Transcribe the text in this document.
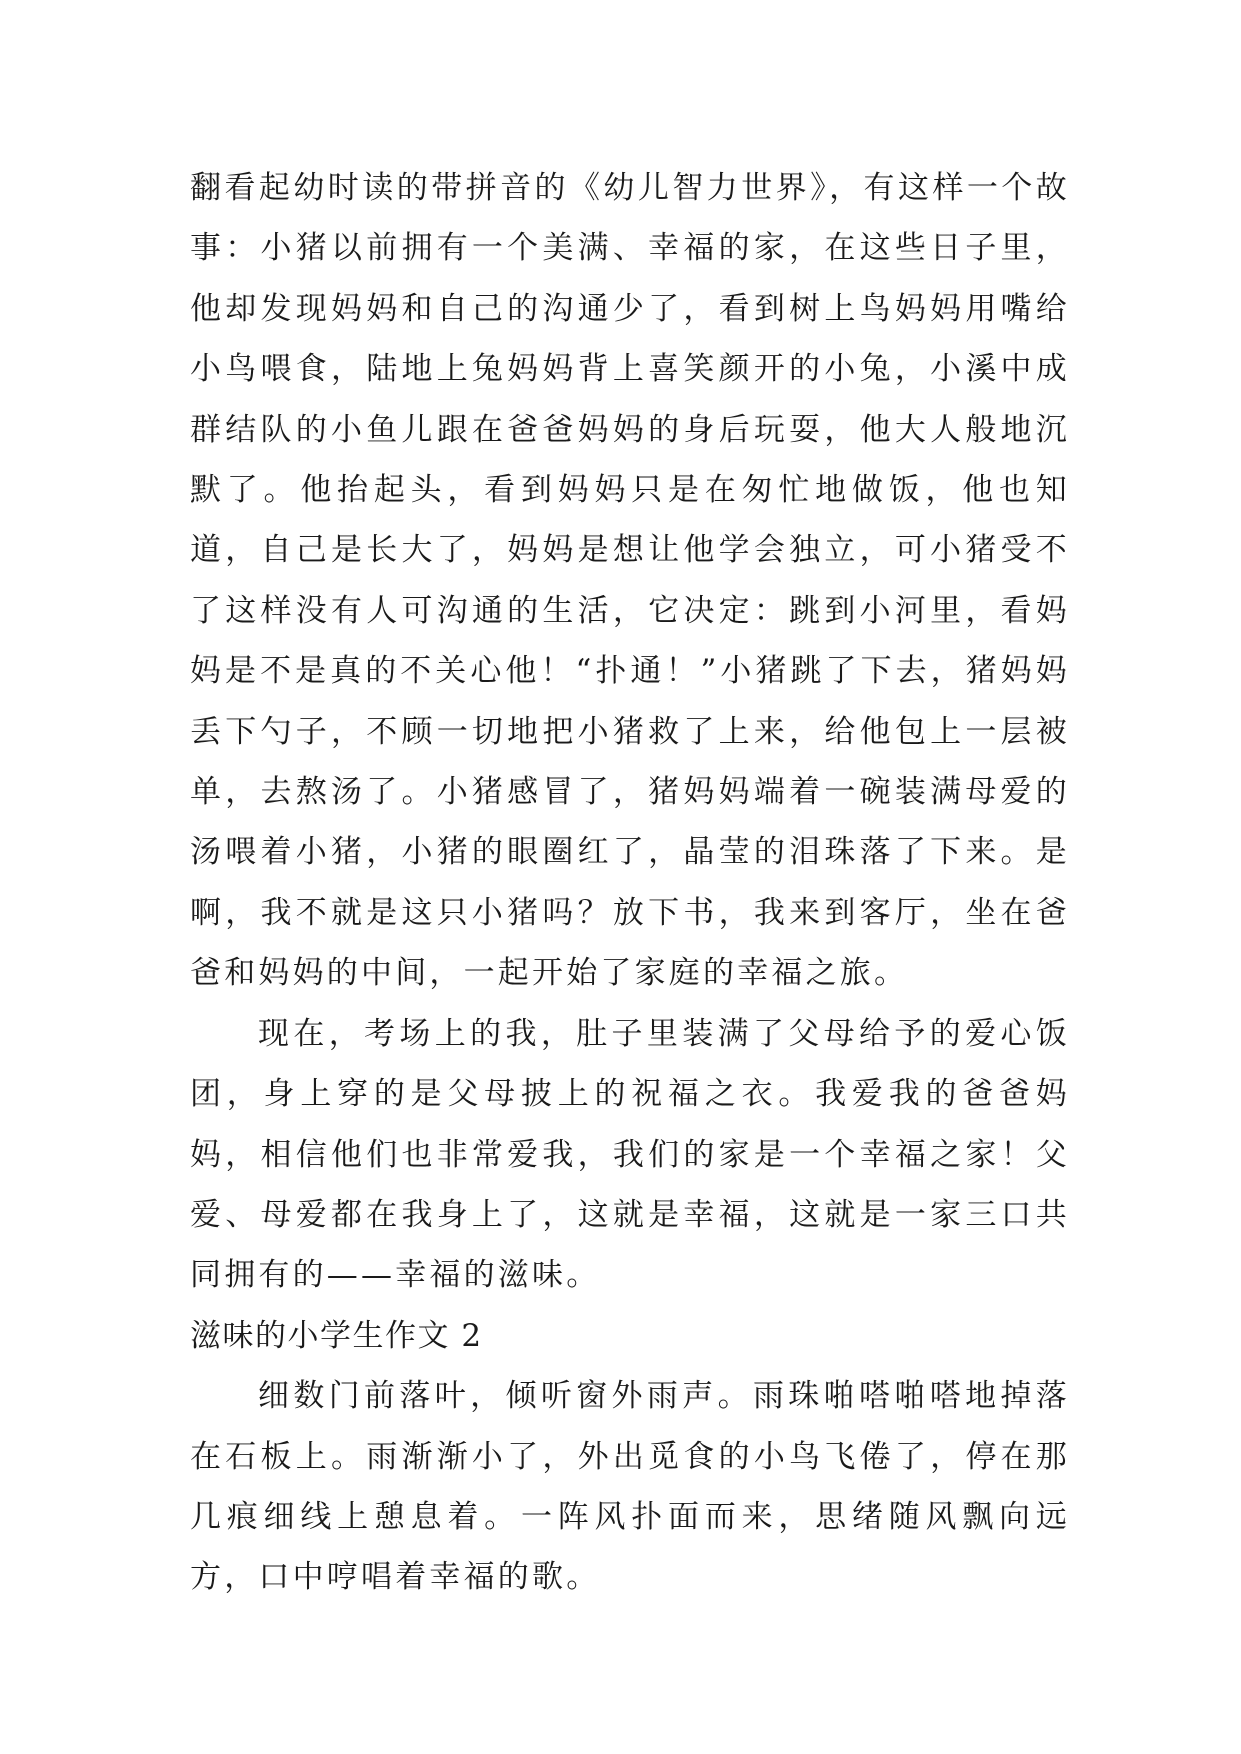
翻看起幼时读的带拼音的《幼儿智力世界》，有这样一个故事：小猪以前拥有一个美满、幸福的家，在这些日子里，他却发现妈妈和自己的沟通少了，看到树上鸟妈妈用嘴给小鸟喂食，陆地上兔妈妈背上喜笑颜开的小兔，小溪中成群结队的小鱼儿跟在爸爸妈妈的身后玩耍，他大人般地沉默了。他抬起头，看到妈妈只是在匆忙地做饭，他也知道，自己是长大了，妈妈是想让他学会独立，可小猪受不了这样没有人可沟通的生活，它决定：跳到小河里，看妈妈是不是真的不关心他！“扑通！”小猪跳了下去，猪妈妈丢下勺子，不顾一切地把小猪救了上来，给他包上一层被单，去熬汤了。小猪感冒了，猪妈妈端着一碗装满母爱的汤喂着小猪，小猪的眼圈红了，晶莹的泪珠落了下来。是啊，我不就是这只小猪吗？放下书，我来到客厅，坐在爸爸和妈妈的中间，一起开始了家庭的幸福之旅。

现在，考场上的我，肚子里装满了父母给予的爱心饭团，身上穿的是父母披上的祝福之衣。我爱我的爸爸妈妈，相信他们也非常爱我，我们的家是一个幸福之家！父爱、母爱都在我身上了，这就是幸福，这就是一家三口共同拥有的——幸福的滋味。

滋味的小学生作文 2

细数门前落叶，倾听窗外雨声。雨珠啪嗒啪嗒地掉落在石板上。雨渐渐小了，外出觅食的小鸟飞倦了，停在那几痕细线上憩息着。一阵风扑面而来，思绪随风飘向远方，口中哼唱着幸福的歌。
